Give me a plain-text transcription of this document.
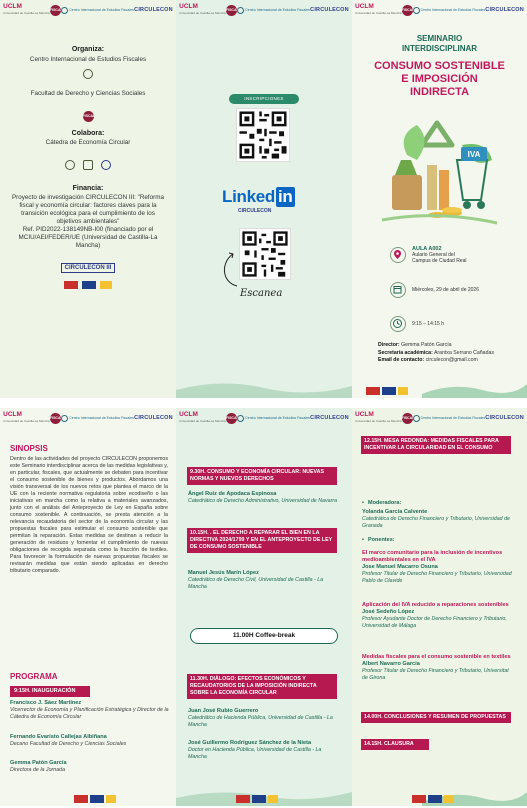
UCLM
Universidad de Castilla-La Mancha
FISCAL Centro Internacional de Estudios Fiscales CIRCULECON
Organiza:
Centro Internacional de Estudios Fiscales
Facultad de Derecho y Ciencias Sociales
FISCAL
Colabora:
Cátedra de Economía Circular

Financia:
Proyecto de investigación CIRCULECON III: "Reforma fiscal y economía circular: factores claves para la transición ecológica para el cumplimiento de los objetivos ambientales"
Ref. PID2022-138149NB-I00 (financiado por el MCIU/AEI/FEDER/UE (Universidad de Castilla-La Mancha)
CIRCULECON III

UCLM
Universidad de Castilla-La Mancha
FISCAL Centro Internacional de Estudios Fiscales CIRCULECON
INSCRIPCIONES
Linked in
CIRCULECON
Escanea
UCLM
Universidad de Castilla-La Mancha
FISCAL Centro Internacional de Estudios Fiscales CIRCULECON
SEMINARIO
INTERDISCIPLINAR
CONSUMO SOSTENIBLE
E IMPOSICIÓN
INDIRECTA
IVA
AULA A002
Aulario General del Campus de Ciudad Real
Miércoles, 29 de abril de 2026
9:15 – 14:15 h
Director: Gemma Patón García
Secretaría académica: Arantxa Serrano Cañadas
Email de contacto: circulecon@gmail.com
UCLM
Universidad de Castilla-La Mancha
FISCAL Centro Internacional de Estudios Fiscales CIRCULECON
SINOPSIS
Dentro de las actividades del proyecto CIRCULECON proponemos este Seminario interdisciplinar acerca de las medidas legislativas y, en particular, fiscales, que actualmente se debaten para incentivar el consumo sostenible de bienes y productos. Abordamos una visión transversal de los nuevos retos que plantea el marco de la UE con la reciente normativa regulatoria sobre ecodiseño o las iniciativas en marcha como la relativa a materiales avanzados, junto con el análisis del Anteproyecto de Ley en España sobre consumo sostenible. A continuación, se presta atención a la relevancia recaudatoria del sector de la economía circular y las propuestas fiscales para estimular el consumo sostenible que permitan la reparación. Estas medidas se destinan a reducir la generación de residuos y fomentar el cumplimiento de nuevas obligaciones de recogida separada como la fracción de textiles. Para favorecer la formulación de nuevas propuestas fiscales se revisarán medidas que están siendo aplicadas en derecho tributario comparado.
PROGRAMA
9:15H. INAUGURACIÓN
Francisco J. Sáez Martínez
Vicerrector de Economía y Planificación Estratégica y Director de la Cátedra de Economía Circular
Fernando Evaristo Callejas Albiñana
Decano Facultad de Derecho y Ciencias Sociales
Gemma Patón García
Directora de la Jornada
UCLM
Universidad de Castilla-La Mancha
FISCAL Centro Internacional de Estudios Fiscales CIRCULECON
9.30H. CONSUMO Y ECONOMÍA CIRCULAR: NUEVAS NORMAS Y NUEVOS DERECHOS
Ángel Ruiz de Apodaca Espinosa
Catedrático de Derecho Administrativo, Universidad de Navarra
10.15H. . EL DERECHO A REPARAR EL BIEN EN LA DIRECTIVA 2024/1799 Y EN EL ANTEPROYECTO DE LEY DE CONSUMO SOSTENIBLE
Manuel Jesús Marín López
Catedrático de Derecho Civil, Universidad de Castilla - La Mancha
11.00H Coffee-break
11.30H. DIÁLOGO: EFECTOS ECONÓMICOS Y RECAUDATORIOS DE LA IMPOSICIÓN INDIRECTA SOBRE LA ECONOMÍA CIRCULAR
Juan José Rubio Guerrero
Catedrático de Hacienda Pública, Universidad de Castilla - La Mancha
José Guillermo Rodríguez Sánchez de la Nieta
Doctor en Hacienda Pública, Universidad de Castilla - La Mancha
UCLM
Universidad de Castilla-La Mancha
FISCAL Centro Internacional de Estudios Fiscales CIRCULECON
12.15H. MESA REDONDA: MEDIDAS FISCALES PARA INCENTIVAR LA CIRCULARIDAD EN EL CONSUMO
• Moderadora:
Yolanda García Calvente
Catedrática de Derecho Financiero y Tributario, Universidad de Granada
• Ponentes:
El marco comunitario para la inclusión de incentivos medioambientales en el IVA
Jose Manuel Macarro Osuna
Profesor Titular de Derecho Financiero y Tributario, Universidad Pablo de Olavide
Aplicación del IVA reducido a reparaciones sostenibles
José Sedeño López
Profesor Ayudante Doctor de Derecho Financiero y Tributario, Universidad de Málaga
Medidas fiscales para el consumo sostenible en textiles
Albert Navarro García
Profesor Titular de Derecho Financiero y Tributario, Universitat de Girona
14.00H. CONCLUSIONES Y RESUMEN DE PROPUESTAS
14.15H. CLAUSURA
